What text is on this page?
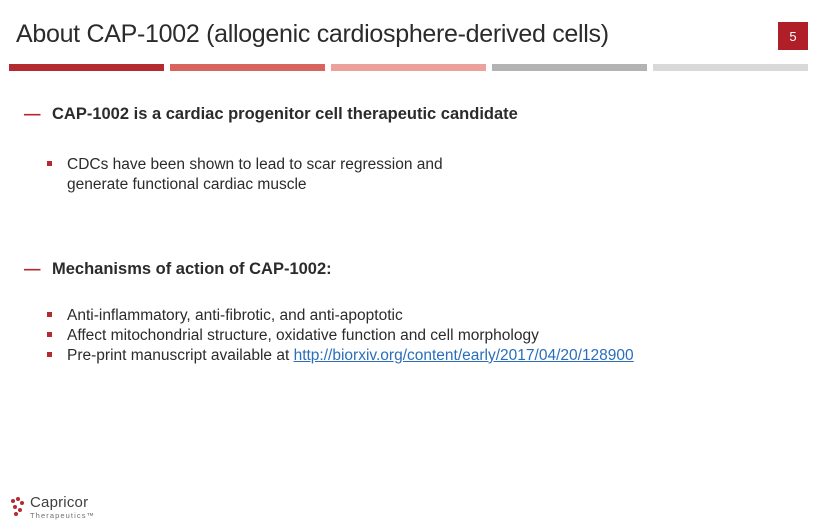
About CAP-1002 (allogenic cardiosphere-derived cells)	5
— CAP-1002 is a cardiac progenitor cell therapeutic candidate
CDCs have been shown to lead to scar regression and
generate functional cardiac muscle
— Mechanisms of action of CAP-1002:
Anti-inflammatory, anti-fibrotic, and anti-apoptotic
Affect mitochondrial structure, oxidative function and cell morphology
Pre-print manuscript available at http://biorxiv.org/content/early/2017/04/20/128900
Capricor
Therapeutics™
